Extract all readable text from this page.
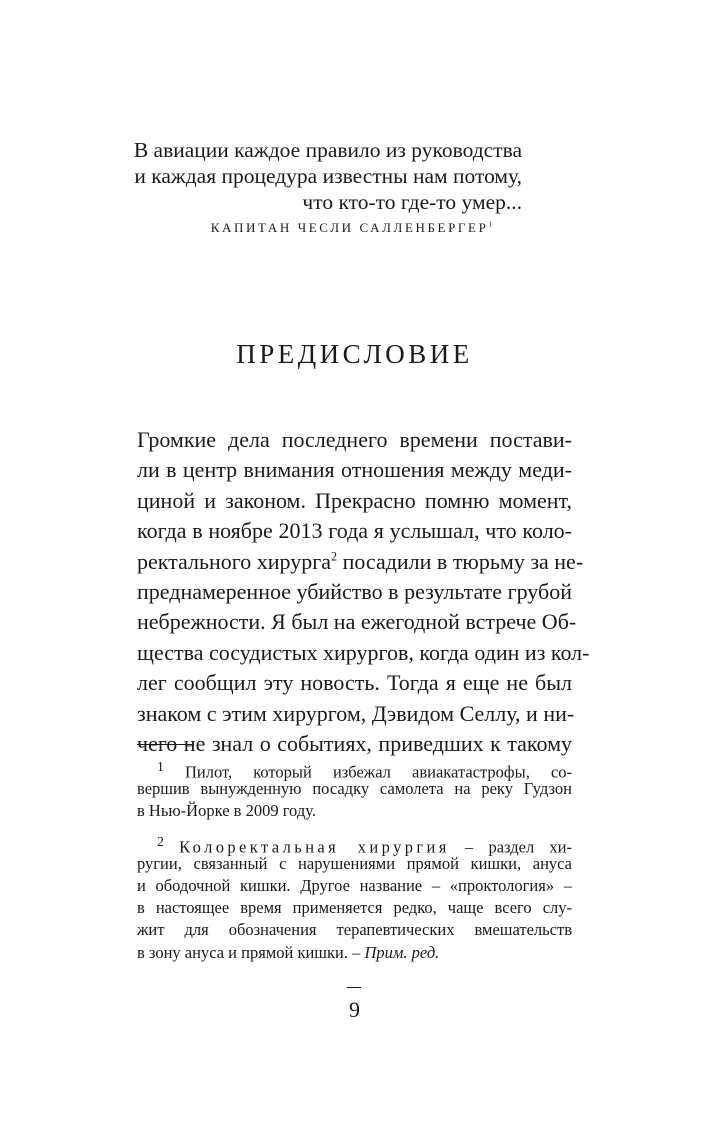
В авиации каждое правило из руководства
и каждая процедура известны нам потому,
что кто-то где-то умер...
КАПИТАН ЧЕСЛИ САЛЛЕНБЕРГЕР$^1$
ПРЕДИСЛОВИЕ
Громкие дела последнего времени постави-
ли в центр внимания отношения между меди-
циной и законом. Прекрасно помню момент,
когда в ноябре 2013 года я услышал, что коло-
ректального хирурга$^2$ посадили в тюрьму за не-
преднамеренное убийство в результате грубой
небрежности. Я был на ежегодной встрече Об-
щества сосудистых хирургов, когда один из кол-
лег сообщил эту новость. Тогда я еще не был
знаком с этим хирургом, Дэвидом Селлу, и ни-
чего не знал о событиях, приведших к такому
$^1$ Пилот, который избежал авиакатастрофы, со-
вершив вынужденную посадку самолета на реку Гудзон
в Нью-Йорке в 2009 году.
$^2$ Колоректальная хирургия – раздел хи-
ругии, связанный с нарушениями прямой кишки, ануса
и ободочной кишки. Другое название – «проктология» –
в настоящее время применяется редко, чаще всего слу-
жит для обозначения терапевтических вмешательств
в зону ануса и прямой кишки. – Прим. ред.
9
